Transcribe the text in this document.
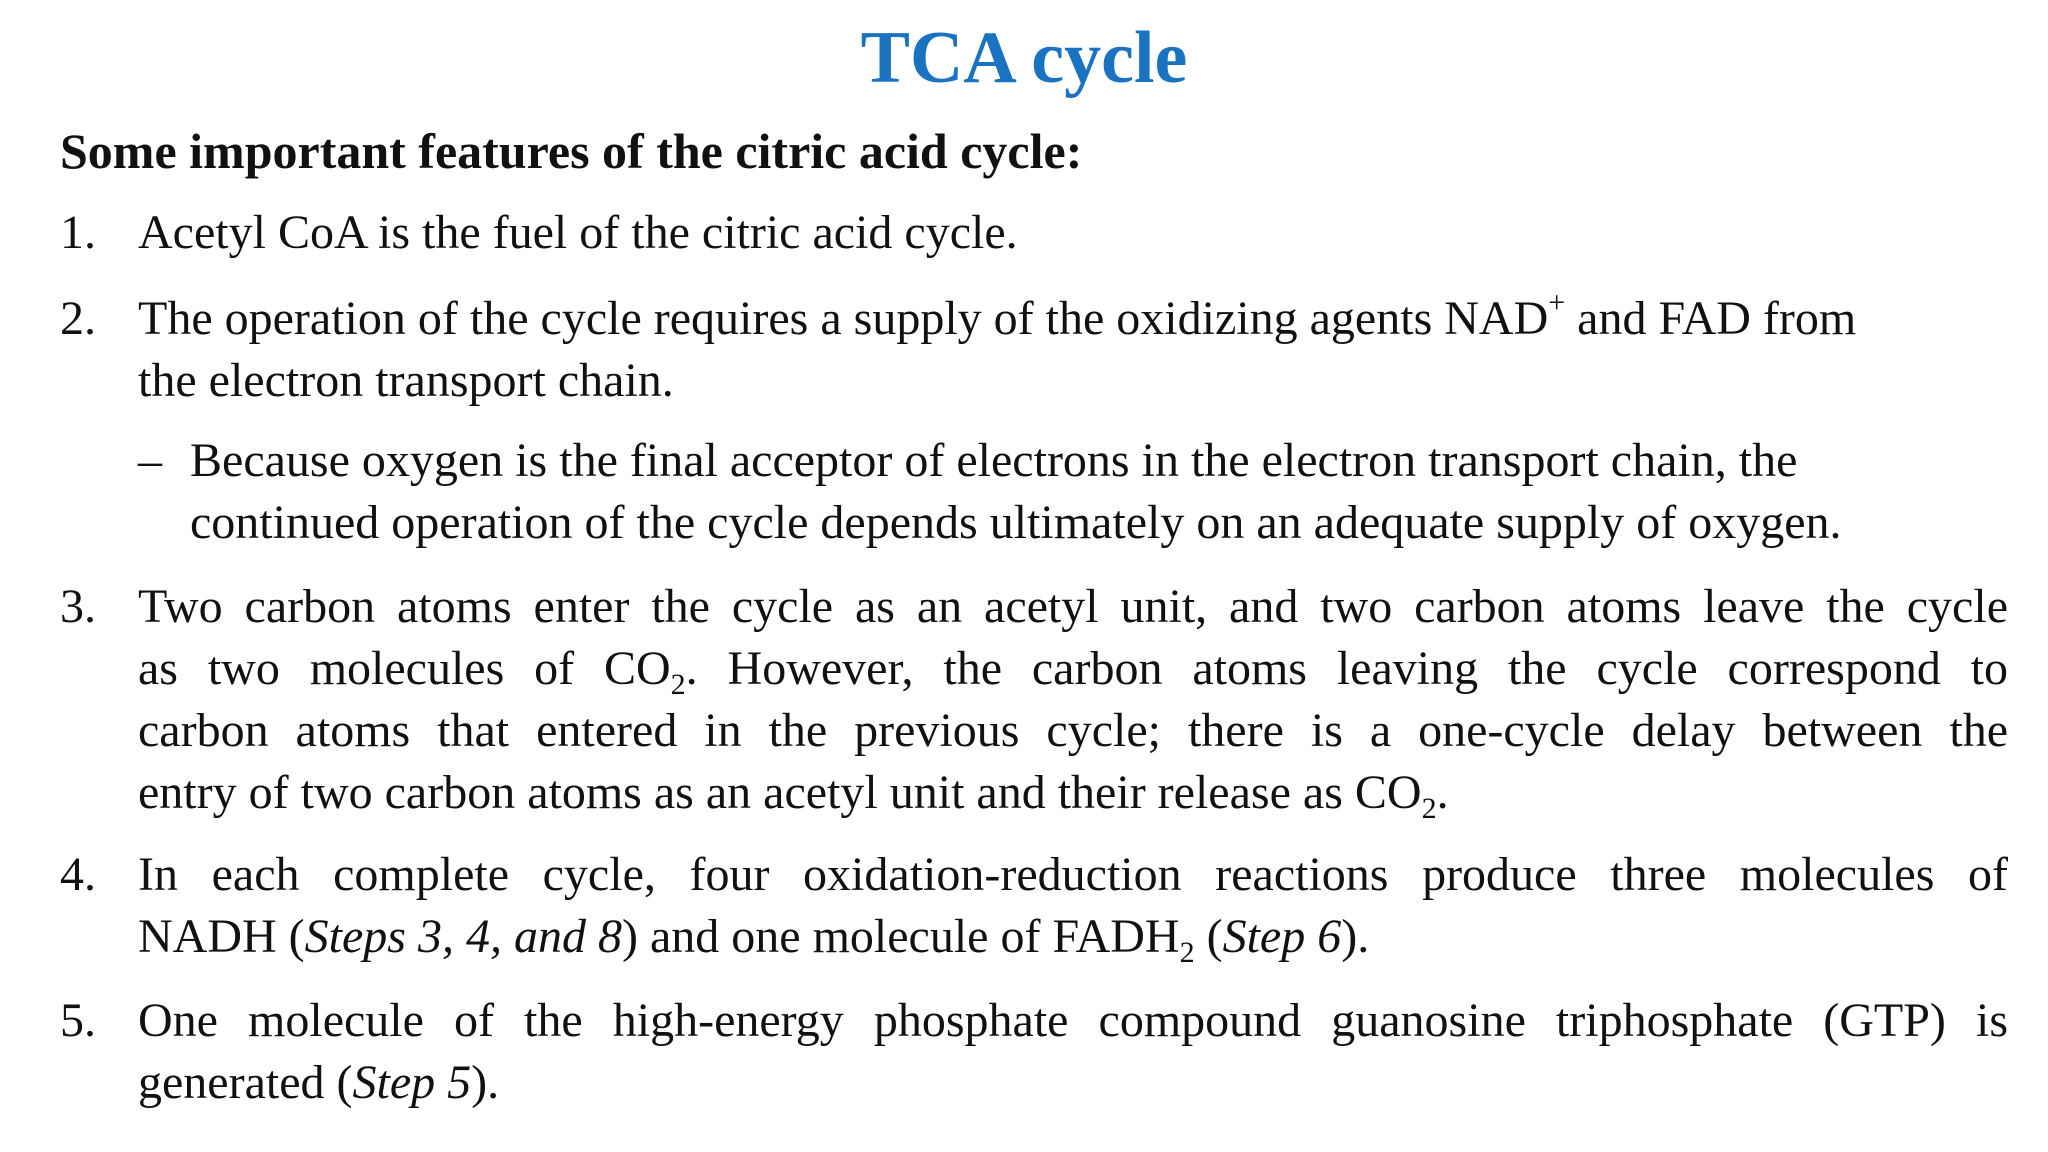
TCA cycle
Some important features of the citric acid cycle:
1. Acetyl CoA is the fuel of the citric acid cycle.
2. The operation of the cycle requires a supply of the oxidizing agents NAD+ and FAD from
the electron transport chain.
– Because oxygen is the final acceptor of electrons in the electron transport chain, the
continued operation of the cycle depends ultimately on an adequate supply of oxygen.
3. Two carbon atoms enter the cycle as an acetyl unit, and two carbon atoms leave the cycle
as two molecules of $CO_2$. However, the carbon atoms leaving the cycle correspond to
carbon atoms that entered in the previous cycle; there is a one-cycle delay between the
entry of two carbon atoms as an acetyl unit and their release as $CO_2$.
4. In each complete cycle, four oxidation-reduction reactions produce three molecules of
NADH (Steps 3, 4, and 8) and one molecule of $FADH_2$ (Step 6).
5. One molecule of the high-energy phosphate compound guanosine triphosphate (GTP) is
generated (Step 5).
